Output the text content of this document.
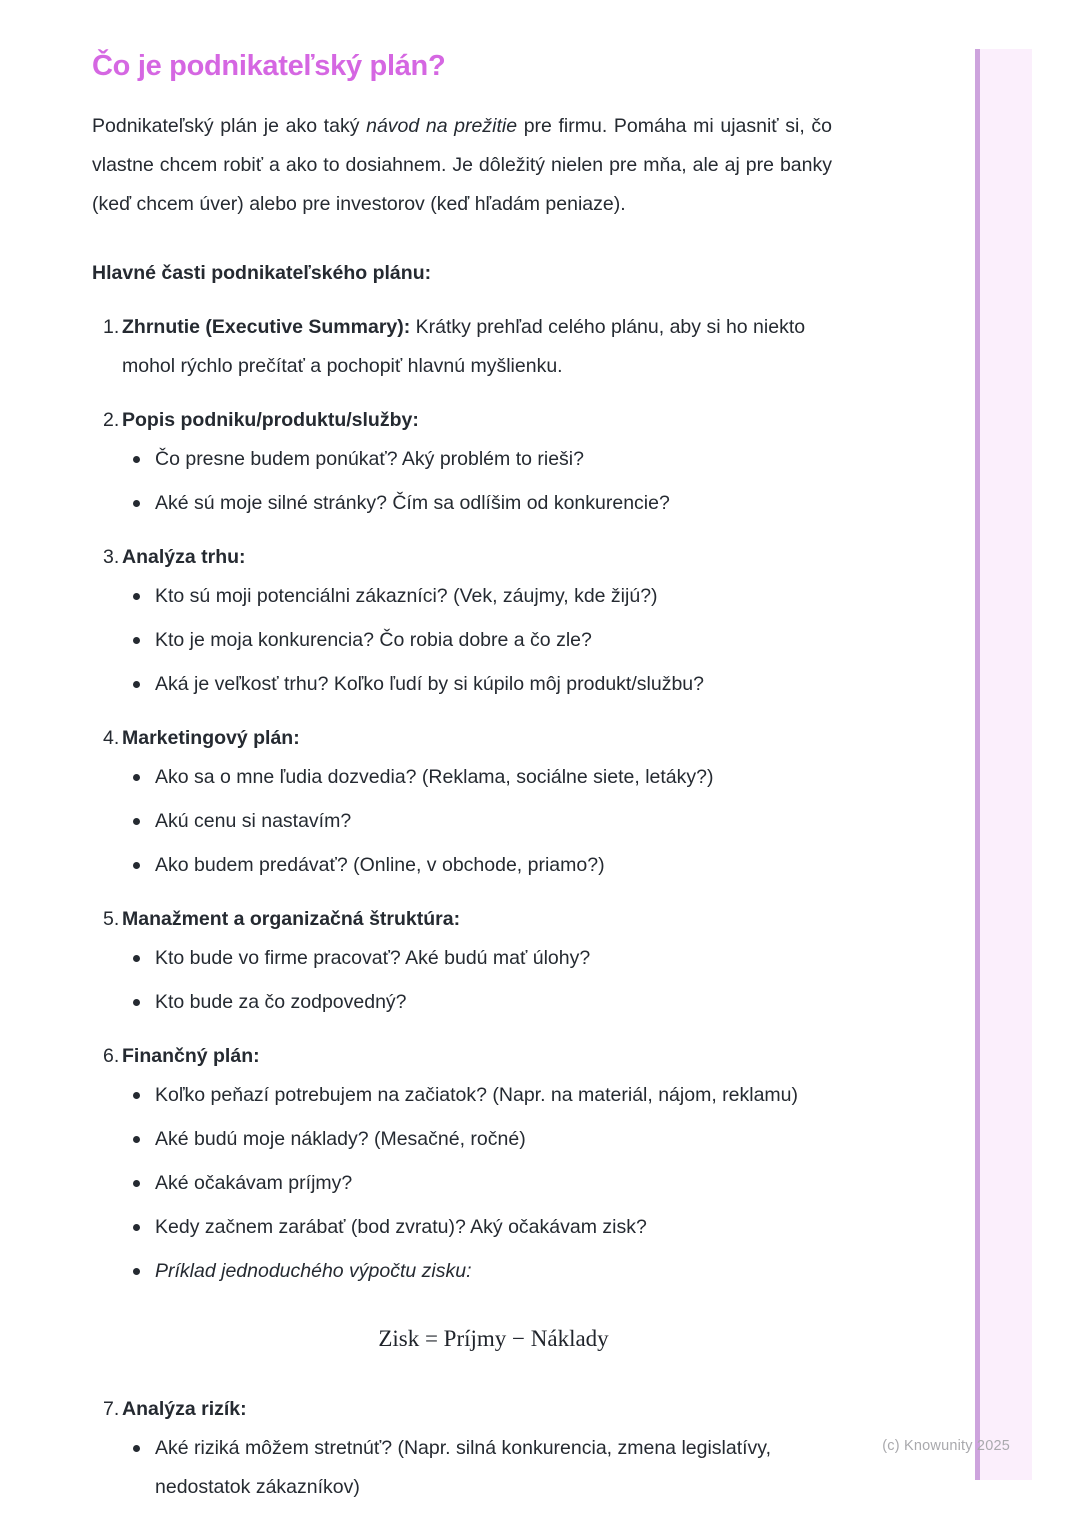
(c) Knowunity 2025
Čo je podnikateľský plán?

Podnikateľský plán je ako taký návod na prežitie pre firmu. Pomáha mi ujasniť si, čo vlastne chcem robiť a ako to dosiahnem. Je dôležitý nielen pre mňa, ale aj pre banky (keď chcem úver) alebo pre investorov (keď hľadám peniaze).

Hlavné časti podnikateľského plánu:
1. Zhrnutie (Executive Summary): Krátky prehľad celého plánu, aby si ho niekto mohol rýchlo prečítať a pochopiť hlavnú myšlienku.
2. Popis podniku/produktu/služby:
Čo presne budem ponúkať? Aký problém to rieši?
Aké sú moje silné stránky? Čím sa odlíšim od konkurencie?
3. Analýza trhu:
Kto sú moji potenciálni zákazníci? (Vek, záujmy, kde žijú?)
Kto je moja konkurencia? Čo robia dobre a čo zle?
Aká je veľkosť trhu? Koľko ľudí by si kúpilo môj produkt/službu?
4. Marketingový plán:
Ako sa o mne ľudia dozvedia? (Reklama, sociálne siete, letáky?)
Akú cenu si nastavím?
Ako budem predávať? (Online, v obchode, priamo?)
5. Manažment a organizačná štruktúra:
Kto bude vo firme pracovať? Aké budú mať úlohy?
Kto bude za čo zodpovedný?
6. Finančný plán:
Koľko peňazí potrebujem na začiatok? (Napr. na materiál, nájom, reklamu)
Aké budú moje náklady? (Mesačné, ročné)
Aké očakávam príjmy?
Kedy začnem zarábať (bod zvratu)? Aký očakávam zisk?
Príklad jednoduchého výpočtu zisku:
Zisk = Príjmy − Náklady
7. Analýza rizík:
Aké riziká môžem stretnúť? (Napr. silná konkurencia, zmena legislatívy, nedostatok zákazníkov)
